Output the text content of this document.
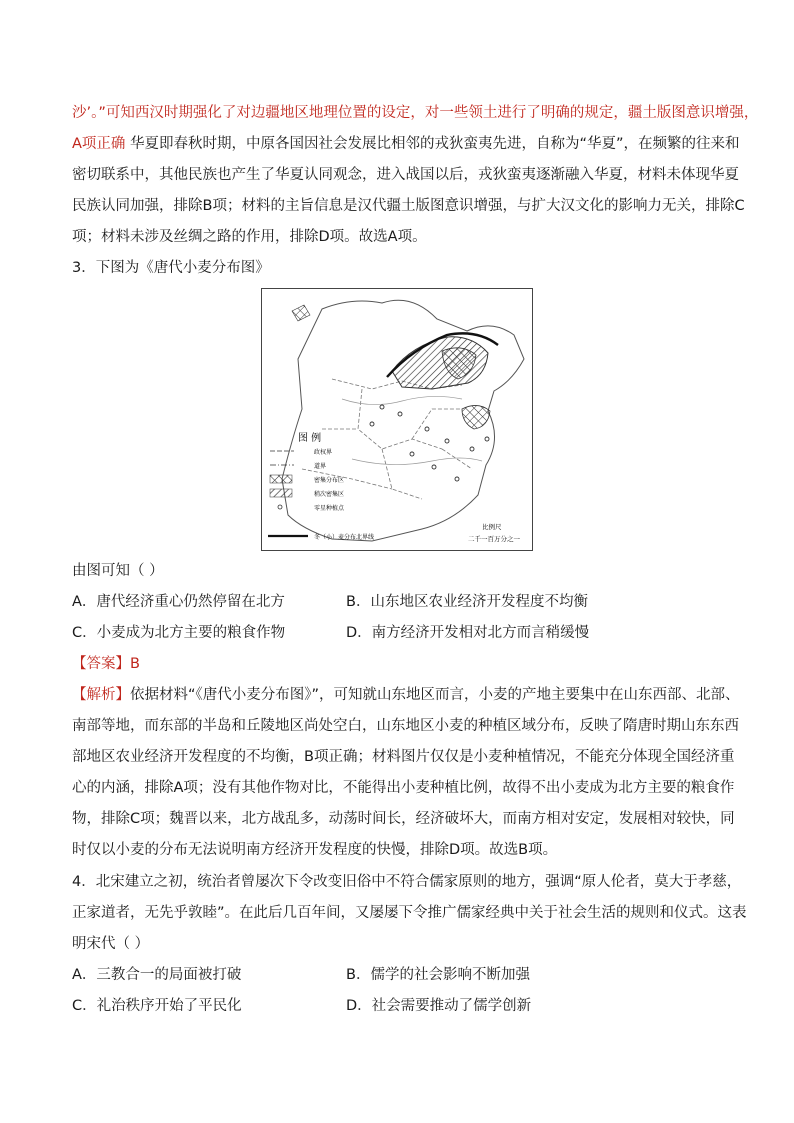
沙’。”可知西汉时期强化了对边疆地区地理位置的设定，对一些领土进行了明确的规定，疆土版图意识增强，
A项正确 华夏即春秋时期，中原各国因社会发展比相邻的戎狄蛮夷先进，自称为“华夏”，在频繁的往来和
密切联系中，其他民族也产生了华夏认同观念，进入战国以后，戎狄蛮夷逐渐融入华夏，材料未体现华夏
民族认同加强，排除B项；材料的主旨信息是汉代疆土版图意识增强，与扩大汉文化的影响力无关，排除C
项；材料未涉及丝绸之路的作用，排除D项。故选A项。
3．下图为《唐代小麦分布图》
图 例
政权界
道界
密集分布区
稍次密集区
零星种植点
冬（小）麦分布北界线
比例尺
二千一百万分之一
由图可知（ ）
A．唐代经济重心仍然停留在北方	B．山东地区农业经济开发程度不均衡
C．小麦成为北方主要的粮食作物	D．南方经济开发相对北方而言稍缓慢
【答案】B
【解析】依据材料“《唐代小麦分布图》”，可知就山东地区而言，小麦的产地主要集中在山东西部、北部、
南部等地，而东部的半岛和丘陵地区尚处空白，山东地区小麦的种植区域分布，反映了隋唐时期山东东西
部地区农业经济开发程度的不均衡，B项正确；材料图片仅仅是小麦种植情况，不能充分体现全国经济重
心的内涵，排除A项；没有其他作物对比，不能得出小麦种植比例，故得不出小麦成为北方主要的粮食作
物，排除C项；魏晋以来，北方战乱多，动荡时间长，经济破坏大，而南方相对安定，发展相对较快，同
时仅以小麦的分布无法说明南方经济开发程度的快慢，排除D项。故选B项。
4．北宋建立之初，统治者曾屡次下令改变旧俗中不符合儒家原则的地方，强调“原人伦者，莫大于孝慈，
正家道者，无先乎敦睦”。在此后几百年间，又屡屡下令推广儒家经典中关于社会生活的规则和仪式。这表
明宋代（ ）
A．三教合一的局面被打破	B．儒学的社会影响不断加强
C．礼治秩序开始了平民化	D．社会需要推动了儒学创新
